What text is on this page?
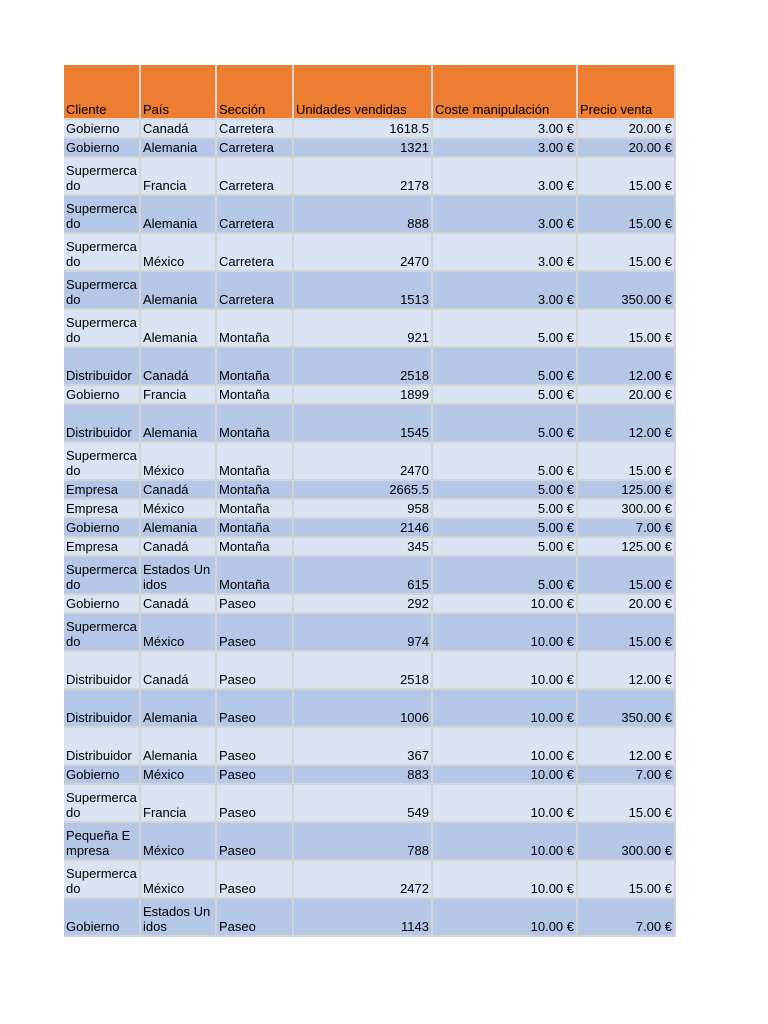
Cliente	País	Sección	Unidades vendidas	Coste manipulación	Precio venta
Gobierno	Canadá	Carretera	1618.5	3.00 €	20.00 €
Gobierno	Alemania	Carretera	1321	3.00 €	20.00 €
Supermercado	Francia	Carretera	2178	3.00 €	15.00 €
Supermercado	Alemania	Carretera	888	3.00 €	15.00 €
Supermercado	México	Carretera	2470	3.00 €	15.00 €
Supermercado	Alemania	Carretera	1513	3.00 €	350.00 €
Supermercado	Alemania	Montaña	921	5.00 €	15.00 €
Distribuidor	Canadá	Montaña	2518	5.00 €	12.00 €
Gobierno	Francia	Montaña	1899	5.00 €	20.00 €
Distribuidor	Alemania	Montaña	1545	5.00 €	12.00 €
Supermercado	México	Montaña	2470	5.00 €	15.00 €
Empresa	Canadá	Montaña	2665.5	5.00 €	125.00 €
Empresa	México	Montaña	958	5.00 €	300.00 €
Gobierno	Alemania	Montaña	2146	5.00 €	7.00 €
Empresa	Canadá	Montaña	345	5.00 €	125.00 €
Supermercado	Estados Unidos	Montaña	615	5.00 €	15.00 €
Gobierno	Canadá	Paseo	292	10.00 €	20.00 €
Supermercado	México	Paseo	974	10.00 €	15.00 €
Distribuidor	Canadá	Paseo	2518	10.00 €	12.00 €
Distribuidor	Alemania	Paseo	1006	10.00 €	350.00 €
Distribuidor	Alemania	Paseo	367	10.00 €	12.00 €
Gobierno	México	Paseo	883	10.00 €	7.00 €
Supermercado	Francia	Paseo	549	10.00 €	15.00 €
Pequeña Empresa	México	Paseo	788	10.00 €	300.00 €
Supermercado	México	Paseo	2472	10.00 €	15.00 €
Gobierno	Estados Unidos	Paseo	1143	10.00 €	7.00 €
